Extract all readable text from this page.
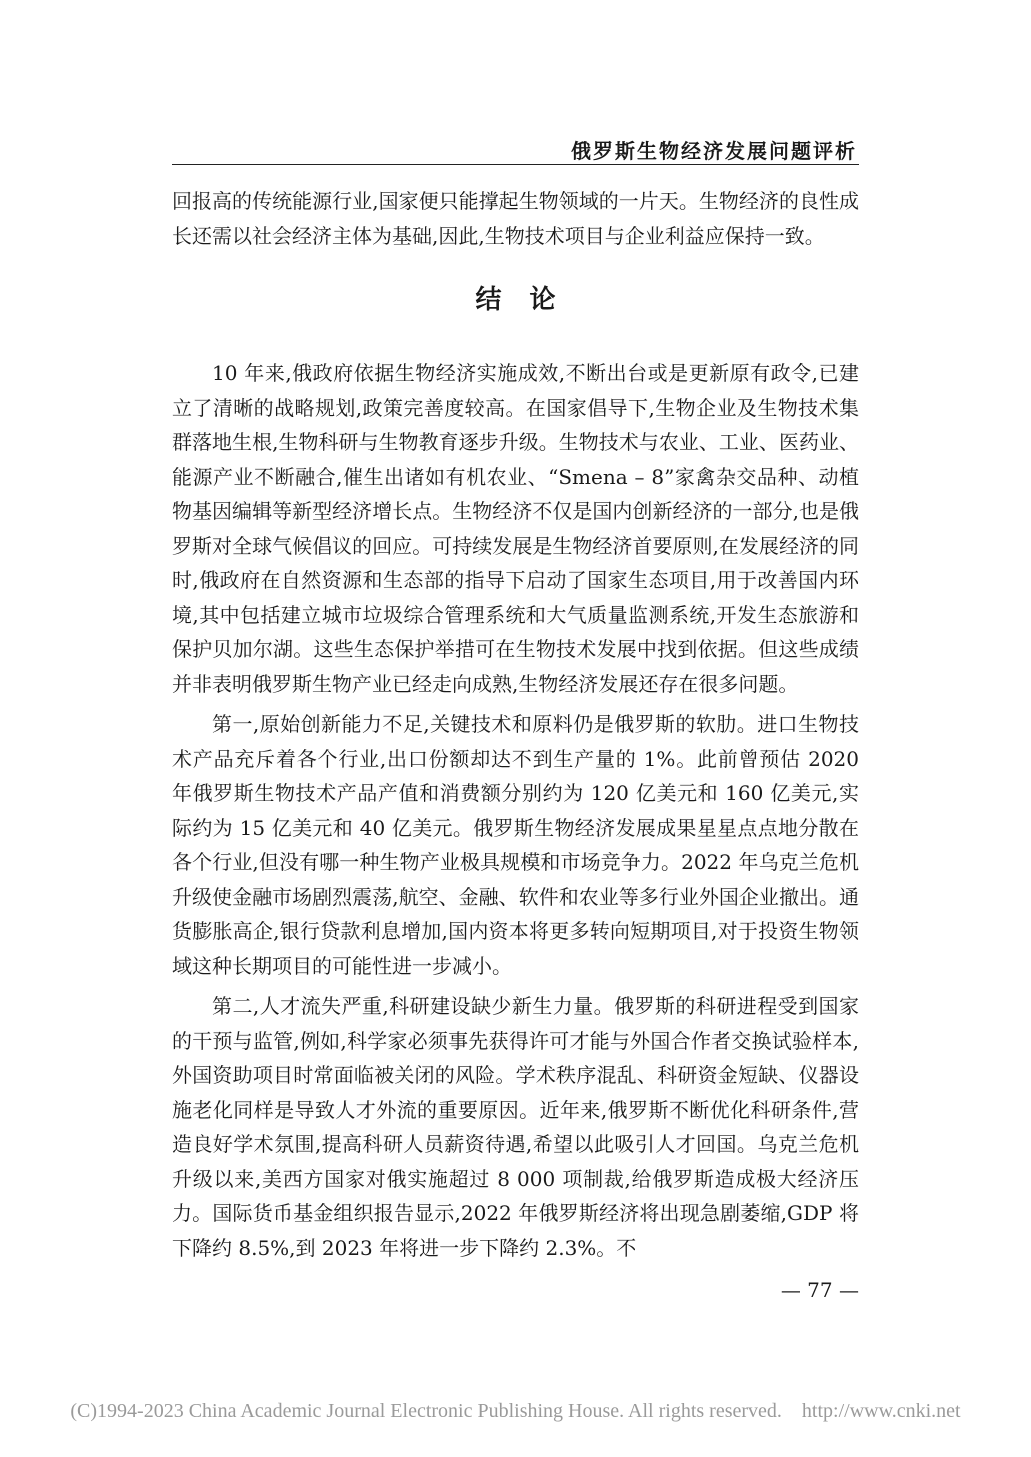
俄罗斯生物经济发展问题评析

回报高的传统能源行业,国家便只能撑起生物领域的一片天。生物经济的良性成长还需以社会经济主体为基础,因此,生物技术项目与企业利益应保持一致。

结论

10 年来,俄政府依据生物经济实施成效,不断出台或是更新原有政令,已建立了清晰的战略规划,政策完善度较高。在国家倡导下,生物企业及生物技术集群落地生根,生物科研与生物教育逐步升级。生物技术与农业、工业、医药业、能源产业不断融合,催生出诸如有机农业、“Smena – 8”家禽杂交品种、动植物基因编辑等新型经济增长点。生物经济不仅是国内创新经济的一部分,也是俄罗斯对全球气候倡议的回应。可持续发展是生物经济首要原则,在发展经济的同时,俄政府在自然资源和生态部的指导下启动了国家生态项目,用于改善国内环境,其中包括建立城市垃圾综合管理系统和大气质量监测系统,开发生态旅游和保护贝加尔湖。这些生态保护举措可在生物技术发展中找到依据。但这些成绩并非表明俄罗斯生物产业已经走向成熟,生物经济发展还存在很多问题。

第一,原始创新能力不足,关键技术和原料仍是俄罗斯的软肋。进口生物技术产品充斥着各个行业,出口份额却达不到生产量的 1%。此前曾预估 2020 年俄罗斯生物技术产品产值和消费额分别约为 120 亿美元和 160 亿美元,实际约为 15 亿美元和 40 亿美元。俄罗斯生物经济发展成果星星点点地分散在各个行业,但没有哪一种生物产业极具规模和市场竞争力。2022 年乌克兰危机升级使金融市场剧烈震荡,航空、金融、软件和农业等多行业外国企业撤出。通货膨胀高企,银行贷款利息增加,国内资本将更多转向短期项目,对于投资生物领域这种长期项目的可能性进一步减小。

第二,人才流失严重,科研建设缺少新生力量。俄罗斯的科研进程受到国家的干预与监管,例如,科学家必须事先获得许可才能与外国合作者交换试验样本,外国资助项目时常面临被关闭的风险。学术秩序混乱、科研资金短缺、仪器设施老化同样是导致人才外流的重要原因。近年来,俄罗斯不断优化科研条件,营造良好学术氛围,提高科研人员薪资待遇,希望以此吸引人才回国。乌克兰危机升级以来,美西方国家对俄实施超过 8 000 项制裁,给俄罗斯造成极大经济压力。国际货币基金组织报告显示,2022 年俄罗斯经济将出现急剧萎缩,GDP 将下降约 8.5%,到 2023 年将进一步下降约 2.3%。不

— 77 —
(C)1994-2023 China Academic Journal Electronic Publishing House. All rights reserved. http://www.cnki.net
